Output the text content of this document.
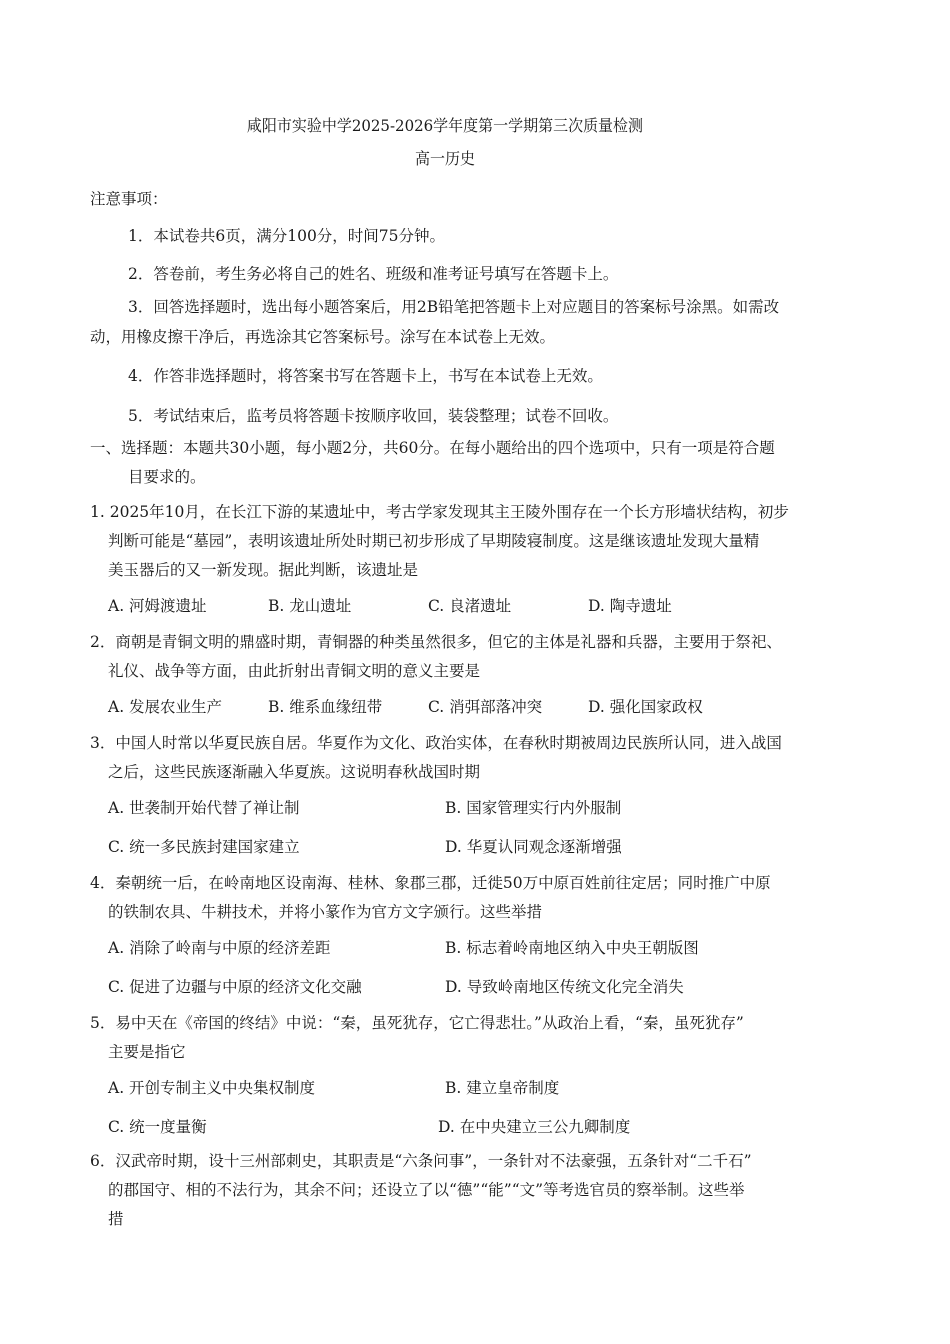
咸阳市实验中学2025-2026学年度第一学期第三次质量检测
高一历史
注意事项：
1．本试卷共6页，满分100分，时间75分钟。
2．答卷前，考生务必将自己的姓名、班级和准考证号填写在答题卡上。
3．回答选择题时，选出每小题答案后，用2B铅笔把答题卡上对应题目的答案标号涂黑。如需改
动，用橡皮擦干净后，再选涂其它答案标号。涂写在本试卷上无效。
4．作答非选择题时，将答案书写在答题卡上，书写在本试卷上无效。
5．考试结束后，监考员将答题卡按顺序收回，装袋整理；试卷不回收。
一、选择题：本题共30小题，每小题2分，共60分。在每小题给出的四个选项中，只有一项是符合题
目要求的。
1. 2025年10月，在长江下游的某遗址中，考古学家发现其主王陵外围存在一个长方形墙状结构，初步
判断可能是“墓园”，表明该遗址所处时期已初步形成了早期陵寝制度。这是继该遗址发现大量精
美玉器后的又一新发现。据此判断，该遗址是
A. 河姆渡遗址	B. 龙山遗址	C. 良渚遗址	D. 陶寺遗址
2．商朝是青铜文明的鼎盛时期，青铜器的种类虽然很多，但它的主体是礼器和兵器，主要用于祭祀、
礼仪、战争等方面，由此折射出青铜文明的意义主要是
A. 发展农业生产	B. 维系血缘纽带	C. 消弭部落冲突	D. 强化国家政权
3．中国人时常以华夏民族自居。华夏作为文化、政治实体，在春秋时期被周边民族所认同，进入战国
之后，这些民族逐渐融入华夏族。这说明春秋战国时期
A. 世袭制开始代替了禅让制	B. 国家管理实行内外服制
C. 统一多民族封建国家建立	D. 华夏认同观念逐渐增强
4．秦朝统一后，在岭南地区设南海、桂林、象郡三郡，迁徙50万中原百姓前往定居；同时推广中原
的铁制农具、牛耕技术，并将小篆作为官方文字颁行。这些举措
A. 消除了岭南与中原的经济差距	B. 标志着岭南地区纳入中央王朝版图
C. 促进了边疆与中原的经济文化交融	D. 导致岭南地区传统文化完全消失
5．易中天在《帝国的终结》中说：“秦，虽死犹存，它亡得悲壮。”从政治上看，“秦，虽死犹存”
主要是指它
A. 开创专制主义中央集权制度	B. 建立皇帝制度
C. 统一度量衡	D. 在中央建立三公九卿制度
6．汉武帝时期，设十三州部刺史，其职责是“六条问事”，一条针对不法豪强，五条针对“二千石”
的郡国守、相的不法行为，其余不问；还设立了以“德”“能”“文”等考选官员的察举制。这些举
措
